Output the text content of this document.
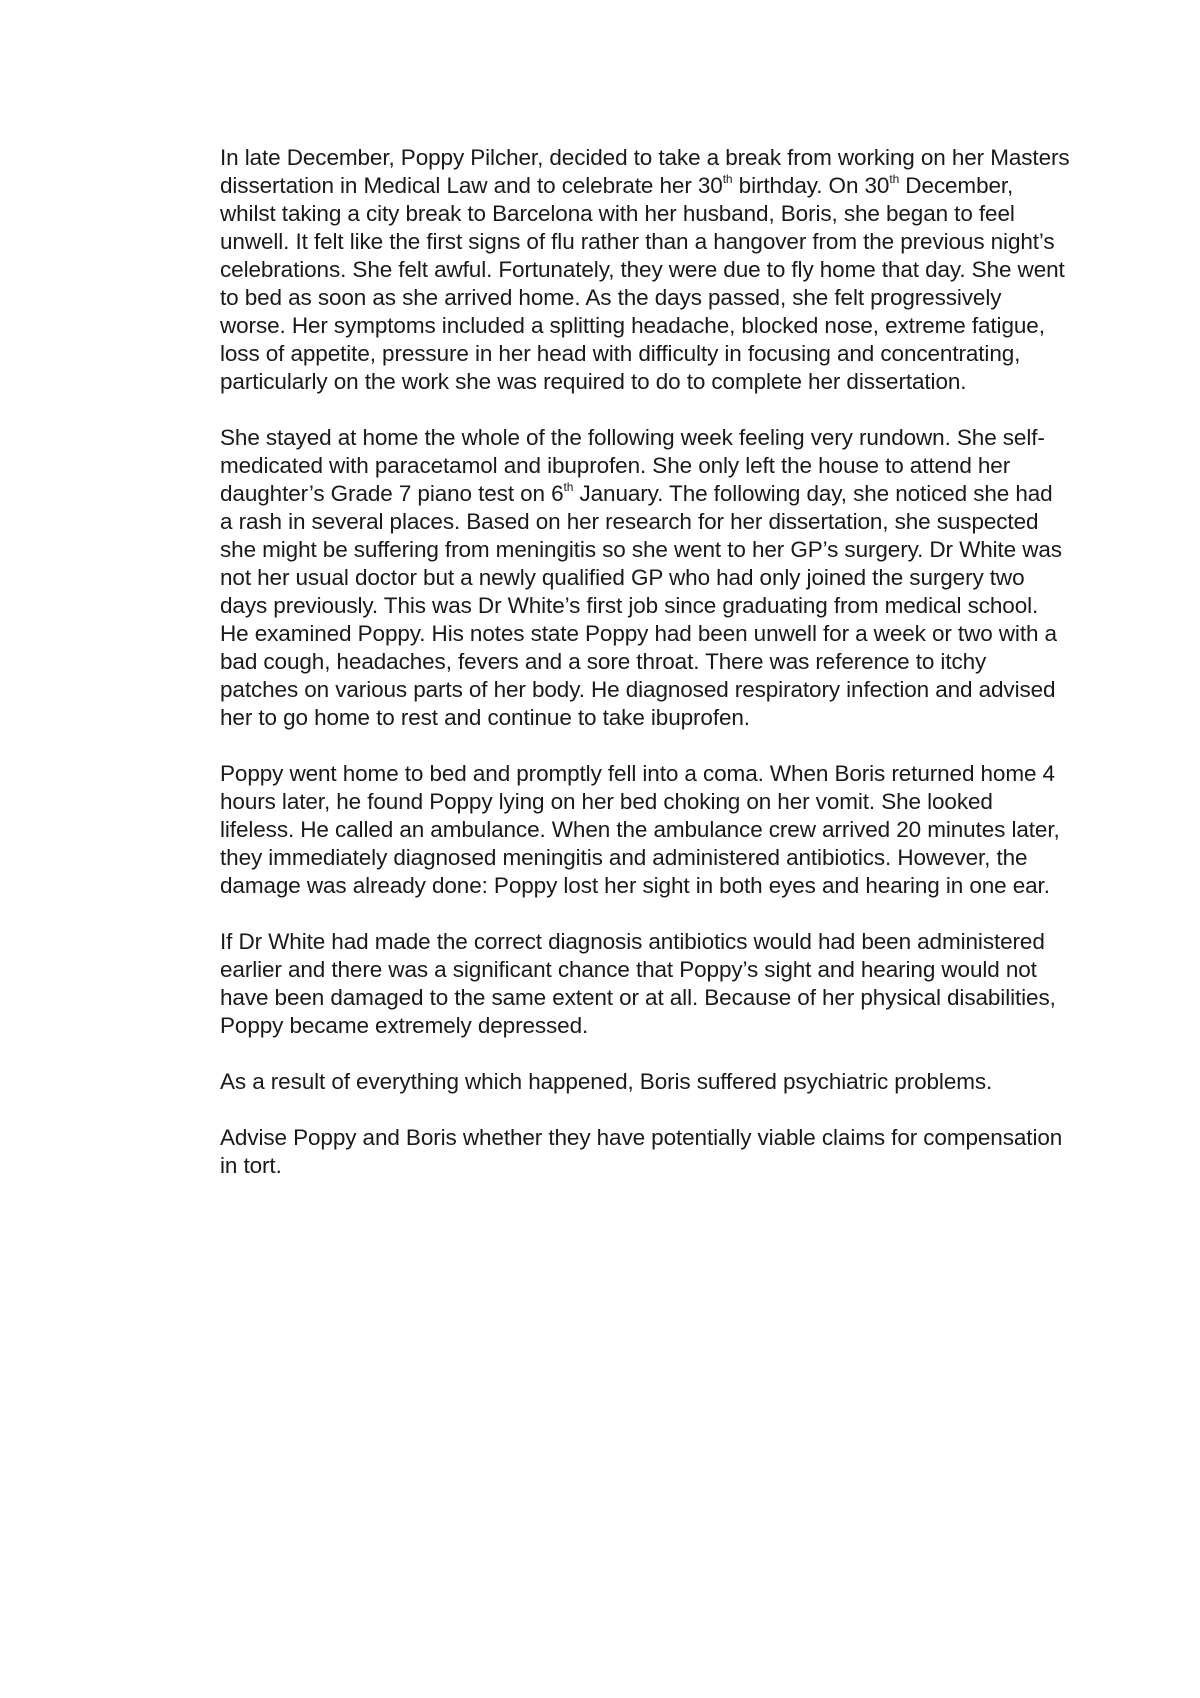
In late December, Poppy Pilcher, decided to take a break from working on her Masters dissertation in Medical Law and to celebrate her 30th birthday. On 30th December, whilst taking a city break to Barcelona with her husband, Boris, she began to feel unwell. It felt like the first signs of flu rather than a hangover from the previous night’s celebrations. She felt awful. Fortunately, they were due to fly home that day. She went to bed as soon as she arrived home. As the days passed, she felt progressively worse. Her symptoms included a splitting headache, blocked nose, extreme fatigue, loss of appetite, pressure in her head with difficulty in focusing and concentrating, particularly on the work she was required to do to complete her dissertation.

She stayed at home the whole of the following week feeling very rundown. She self-medicated with paracetamol and ibuprofen. She only left the house to attend her daughter’s Grade 7 piano test on 6th January. The following day, she noticed she had a rash in several places. Based on her research for her dissertation, she suspected she might be suffering from meningitis so she went to her GP’s surgery. Dr White was not her usual doctor but a newly qualified GP who had only joined the surgery two days previously. This was Dr White’s first job since graduating from medical school. He examined Poppy. His notes state Poppy had been unwell for a week or two with a bad cough, headaches, fevers and a sore throat. There was reference to itchy patches on various parts of her body. He diagnosed respiratory infection and advised her to go home to rest and continue to take ibuprofen.

Poppy went home to bed and promptly fell into a coma. When Boris returned home 4 hours later, he found Poppy lying on her bed choking on her vomit. She looked lifeless. He called an ambulance. When the ambulance crew arrived 20 minutes later, they immediately diagnosed meningitis and administered antibiotics. However, the damage was already done: Poppy lost her sight in both eyes and hearing in one ear.

If Dr White had made the correct diagnosis antibiotics would had been administered earlier and there was a significant chance that Poppy’s sight and hearing would not have been damaged to the same extent or at all. Because of her physical disabilities, Poppy became extremely depressed.

As a result of everything which happened, Boris suffered psychiatric problems.

Advise Poppy and Boris whether they have potentially viable claims for compensation in tort.
